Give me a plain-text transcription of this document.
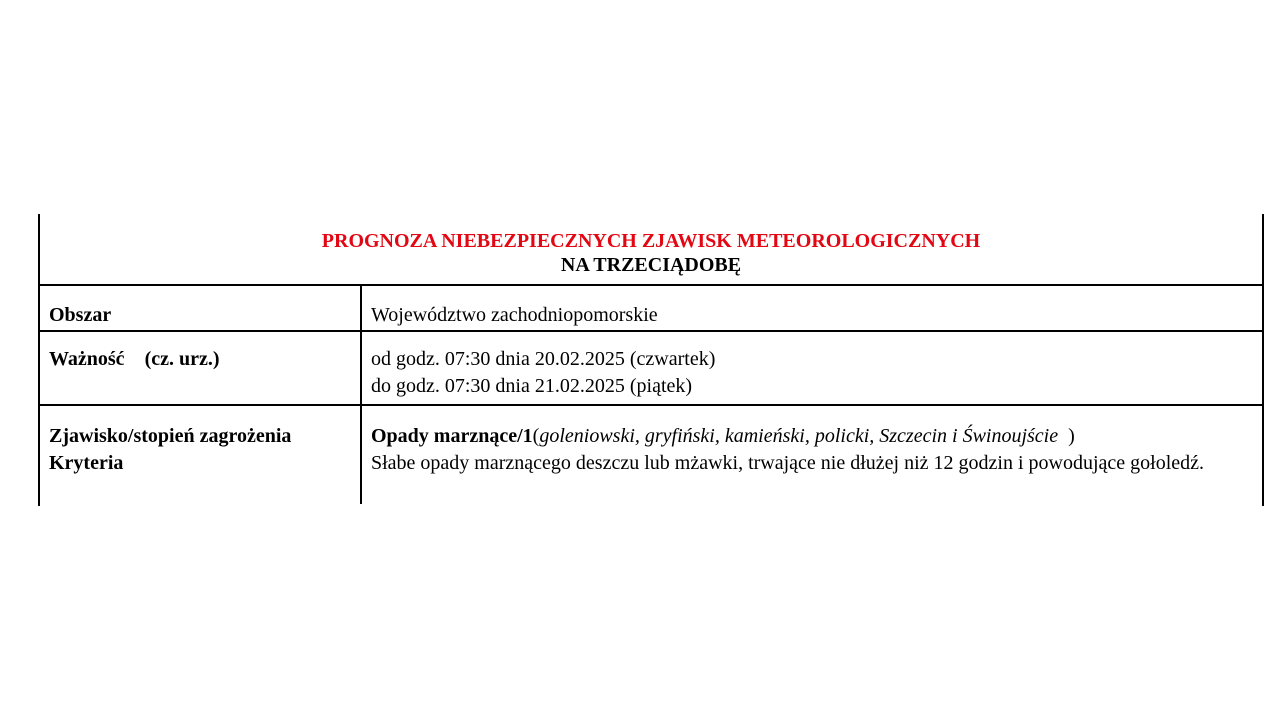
PROGNOZA NIEBEZPIECZNYCH ZJAWISK METEOROLOGICZNYCH
NA TRZECIĄDOBĘ
Obszar	Województwo zachodniopomorskie
Ważność (cz. urz.)	od godz. 07:30 dnia 20.02.2025 (czwartek)
do godz. 07:30 dnia 21.02.2025 (piątek)
Zjawisko/stopień zagrożenia
Kryteria
Opady marznące/1(goleniowski, gryfiński, kamieński, policki, Szczecin i Świnoujście  )
Słabe opady marznącego deszczu lub mżawki, trwające nie dłużej niż 12 godzin i powodujące gołoledź.
